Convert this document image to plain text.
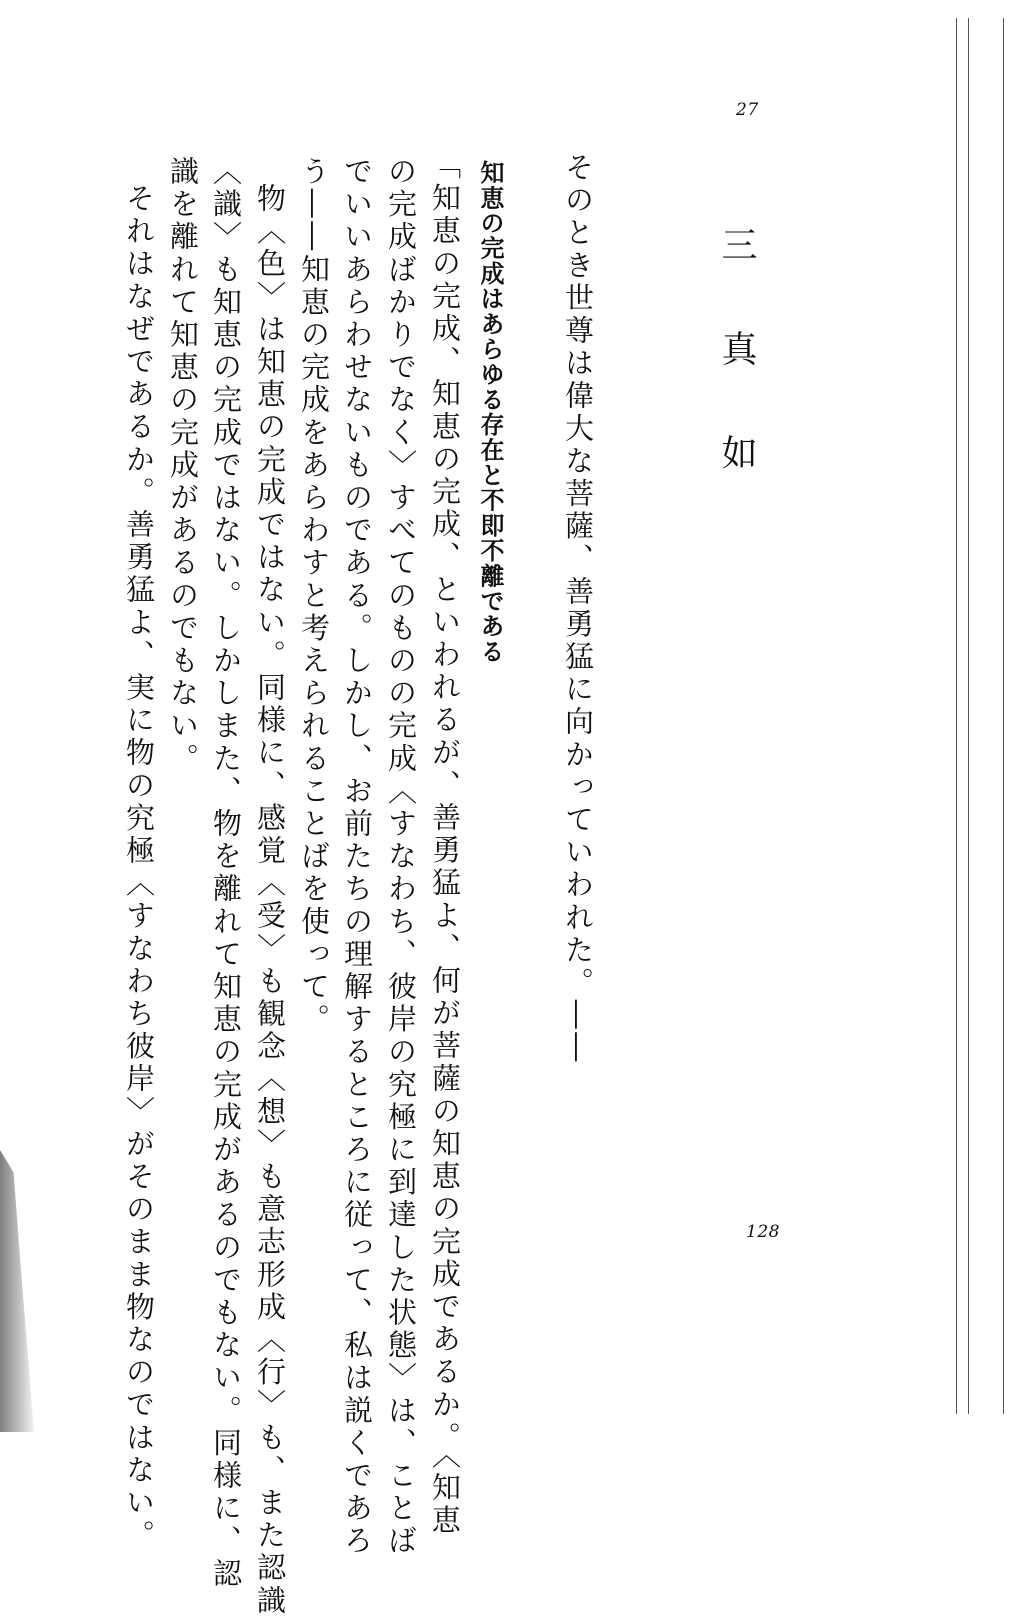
27
三　真　如
そのとき世尊は偉大な菩薩、善勇猛に向かっていわれた。――
知恵の完成はあらゆる存在と不即不離である
「知恵の完成、知恵の完成、といわれるが、善勇猛よ、何が菩薩の知恵の完成であるか。〈知恵
の完成ばかりでなく〉すべてのものの完成〈すなわち、彼岸の究極に到達した状態〉は、ことば
でいいあらわせないものである。しかし、お前たちの理解するところに従って、私は説くであろ
う――知恵の完成をあらわすと考えられることばを使って。
物〈色〉は知恵の完成ではない。同様に、感覚〈受〉も観念〈想〉も意志形成〈行〉も、また認識
〈識〉も知恵の完成ではない。しかしまた、物を離れて知恵の完成があるのでもない。同様に、認
識を離れて知恵の完成があるのでもない。
それはなぜであるか。善勇猛よ、実に物の究極〈すなわち彼岸〉がそのまま物なのではない。	128
